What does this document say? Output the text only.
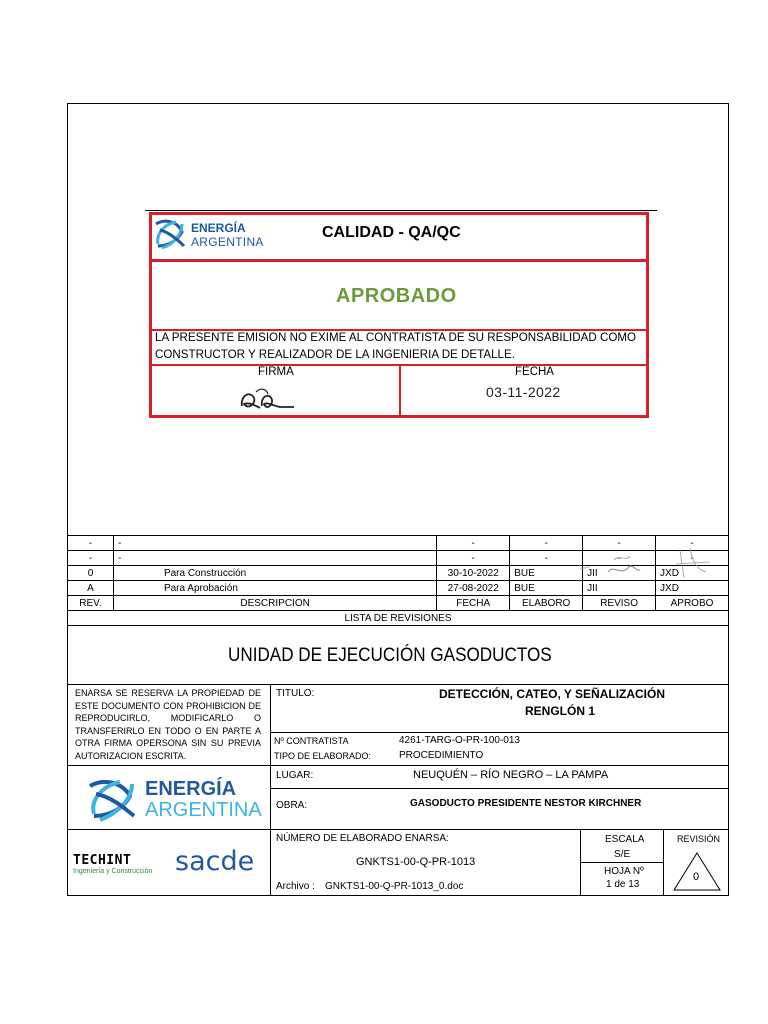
ENERGÍA
ARGENTINA
CALIDAD - QA/QC
APROBADO
LA PRESENTE EMISION NO EXIME AL CONTRATISTA DE SU RESPONSABILIDAD COMO CONSTRUCTOR Y REALIZADOR DE LA INGENIERIA DE DETALLE.
FIRMA	FECHA
03-11-2022
-	-	-	-	-	-
-	-	-	-	-	-
0	Para Construcción	30-10-2022	BUE	JII	JXD
A	Para Aprobación	27-08-2022	BUE	JII	JXD
REV.	DESCRIPCION	FECHA	ELABORO	REVISO	APROBO
LISTA DE REVISIONES					
UNIDAD DE EJECUCIÓN GASODUCTOS
ENARSA SE RESERVA LA PROPIEDAD DE ESTE DOCUMENTO CON PROHIBICION DE REPRODUCIRLO, MODIFICARLO O TRANSFERIRLO EN TODO O EN PARTE A OTRA FIRMA OPERSONA SIN SU PREVIA AUTORIZACION ESCRITA.
TITULO:	DETECCIÓN, CATEO, Y SEÑALIZACIÓN
RENGLÓN 1
Nº CONTRATISTA	4261-TARG-O-PR-100-013
TIPO DE ELABORADO:	PROCEDIMIENTO
LUGAR:	NEUQUÉN – RÍO NEGRO – LA PAMPA
OBRA:	GASODUCTO PRESIDENTE NESTOR KIRCHNER
ENERGÍA
ARGENTINA
NÚMERO DE ELABORADO ENARSA:
GNKTS1-00-Q-PR-1013
Archivo : GNKTS1-00-Q-PR-1013_0.doc
ESCALA
S/E
HOJA Nº
1 de 13
REVISIÓN
0
TECHINT
Ingeniería y Construcción sacde
